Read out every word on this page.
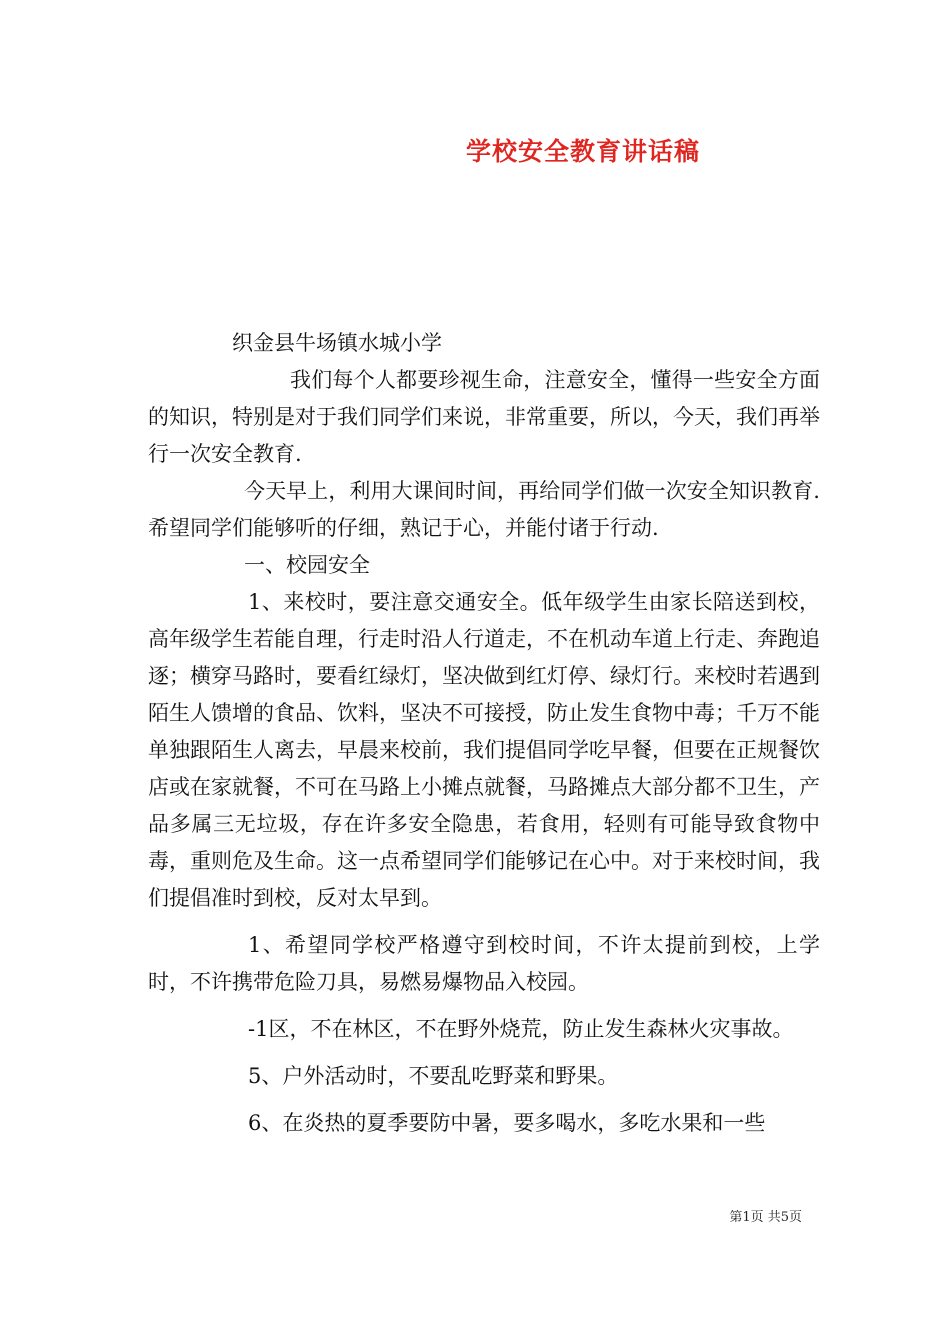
学校安全教育讲话稿

织金县牛场镇水城小学

我们每个人都要珍视生命，注意安全，懂得一些安全方面的知识，特别是对于我们同学们来说，非常重要，所以，今天，我们再举行一次安全教育.

今天早上，利用大课间时间，再给同学们做一次安全知识教育.希望同学们能够听的仔细，熟记于心，并能付诸于行动.

一、校园安全

1、来校时，要注意交通安全。低年级学生由家长陪送到校，高年级学生若能自理，行走时沿人行道走，不在机动车道上行走、奔跑追逐；横穿马路时，要看红绿灯，坚决做到红灯停、绿灯行。来校时若遇到陌生人馈增的食品、饮料，坚决不可接授，防止发生食物中毒；千万不能单独跟陌生人离去，早晨来校前，我们提倡同学吃早餐，但要在正规餐饮店或在家就餐，不可在马路上小摊点就餐，马路摊点大部分都不卫生，产品多属三无垃圾，存在许多安全隐患，若食用，轻则有可能导致食物中毒，重则危及生命。这一点希望同学们能够记在心中。对于来校时间，我们提倡准时到校，反对太早到。

1、希望同学校严格遵守到校时间，不许太提前到校，上学时，不许携带危险刀具，易燃易爆物品入校园。

-1区，不在林区，不在野外烧荒，防止发生森林火灾事故。

5、户外活动时，不要乱吃野菜和野果。

6、在炎热的夏季要防中暑，要多喝水，多吃水果和一些

第1页 共5页
